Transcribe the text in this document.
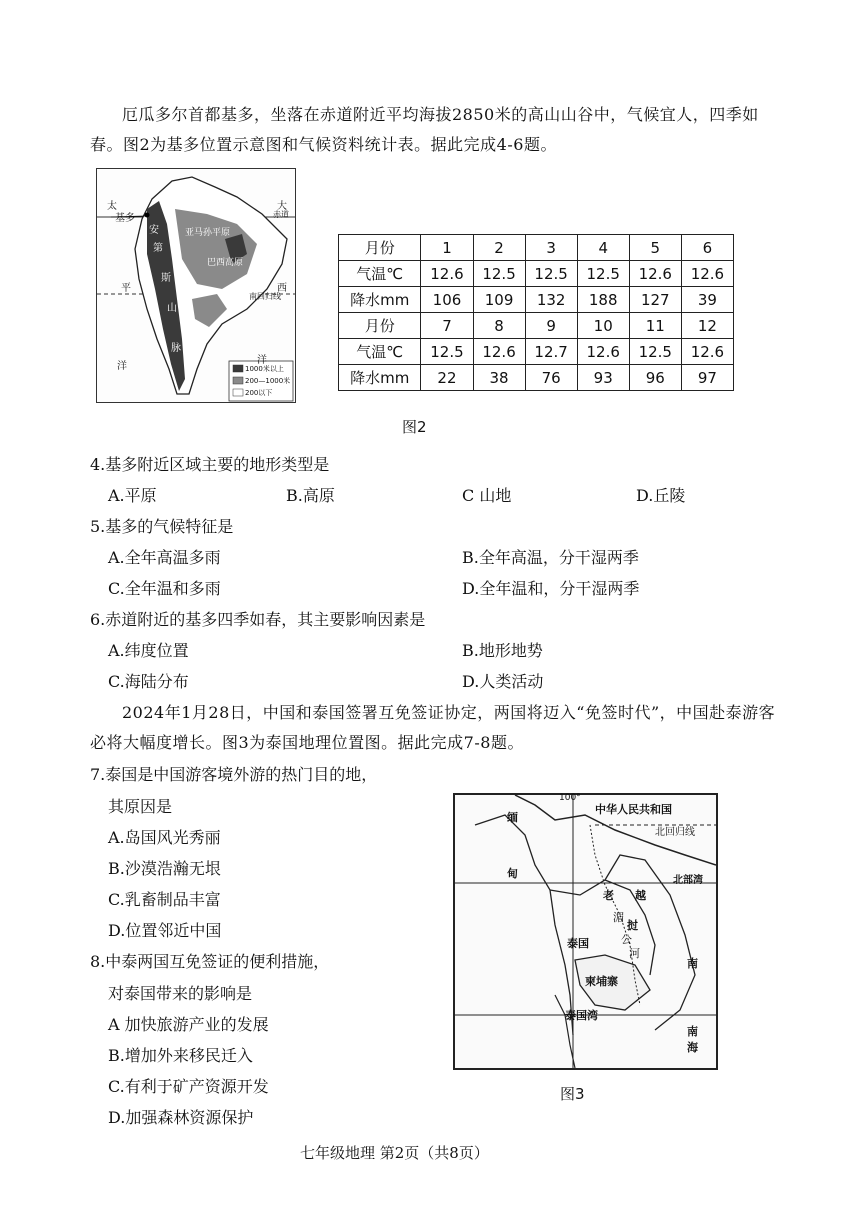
厄瓜多尔首都基多，坐落在赤道附近平均海拔2850米的高山山谷中，气候宜人，四季如春。图2为基多位置示意图和气候资料统计表。据此完成4-6题。
太	大
基多	赤道
亚马孙平原
巴西高原
平	西
南回归线
安
第
斯
山
脉
洋
洋
1000米以上
200—1000米
200以下
月份	1	2	3	4	5	6
气温℃	12.6	12.5	12.5	12.5	12.6	12.6
降水mm	106	109	132	188	127	39
月份	7	8	9	10	11	12
气温℃	12.5	12.6	12.7	12.6	12.5	12.6
降水mm	22	38	76	93	96	97
图2
4.基多附近区域主要的地形类型是
A.平原	B.高原	C 山地	D.丘陵
5.基多的气候特征是
A.全年高温多雨	B.全年高温，分干湿两季
C.全年温和多雨	D.全年温和，分干湿两季
6.赤道附近的基多四季如春，其主要影响因素是
A.纬度位置	B.地形地势
C.海陆分布	D.人类活动
2024年1月28日，中国和泰国签署互免签证协定，两国将迈入“免签时代”，中国赴泰游客必将大幅度增长。图3为泰国地理位置图。据此完成7-8题。
7.泰国是中国游客境外游的热门目的地，
其原因是
A.岛国风光秀丽
B.沙漠浩瀚无垠
C.乳畜制品丰富
D.位置邻近中国
8.中泰两国互免签证的便利措施，
对泰国带来的影响是
A 加快旅游产业的发展
B.增加外来移民迁入
C.有利于矿产资源开发
D.加强森林资源保护
100°
中华人民共和国
北回归线
缅
甸
老
挝
越
泰国
湄
公
河
北部湾
柬埔寨
泰国湾
南
南
海
图3
七年级地理 第2页（共8页）
